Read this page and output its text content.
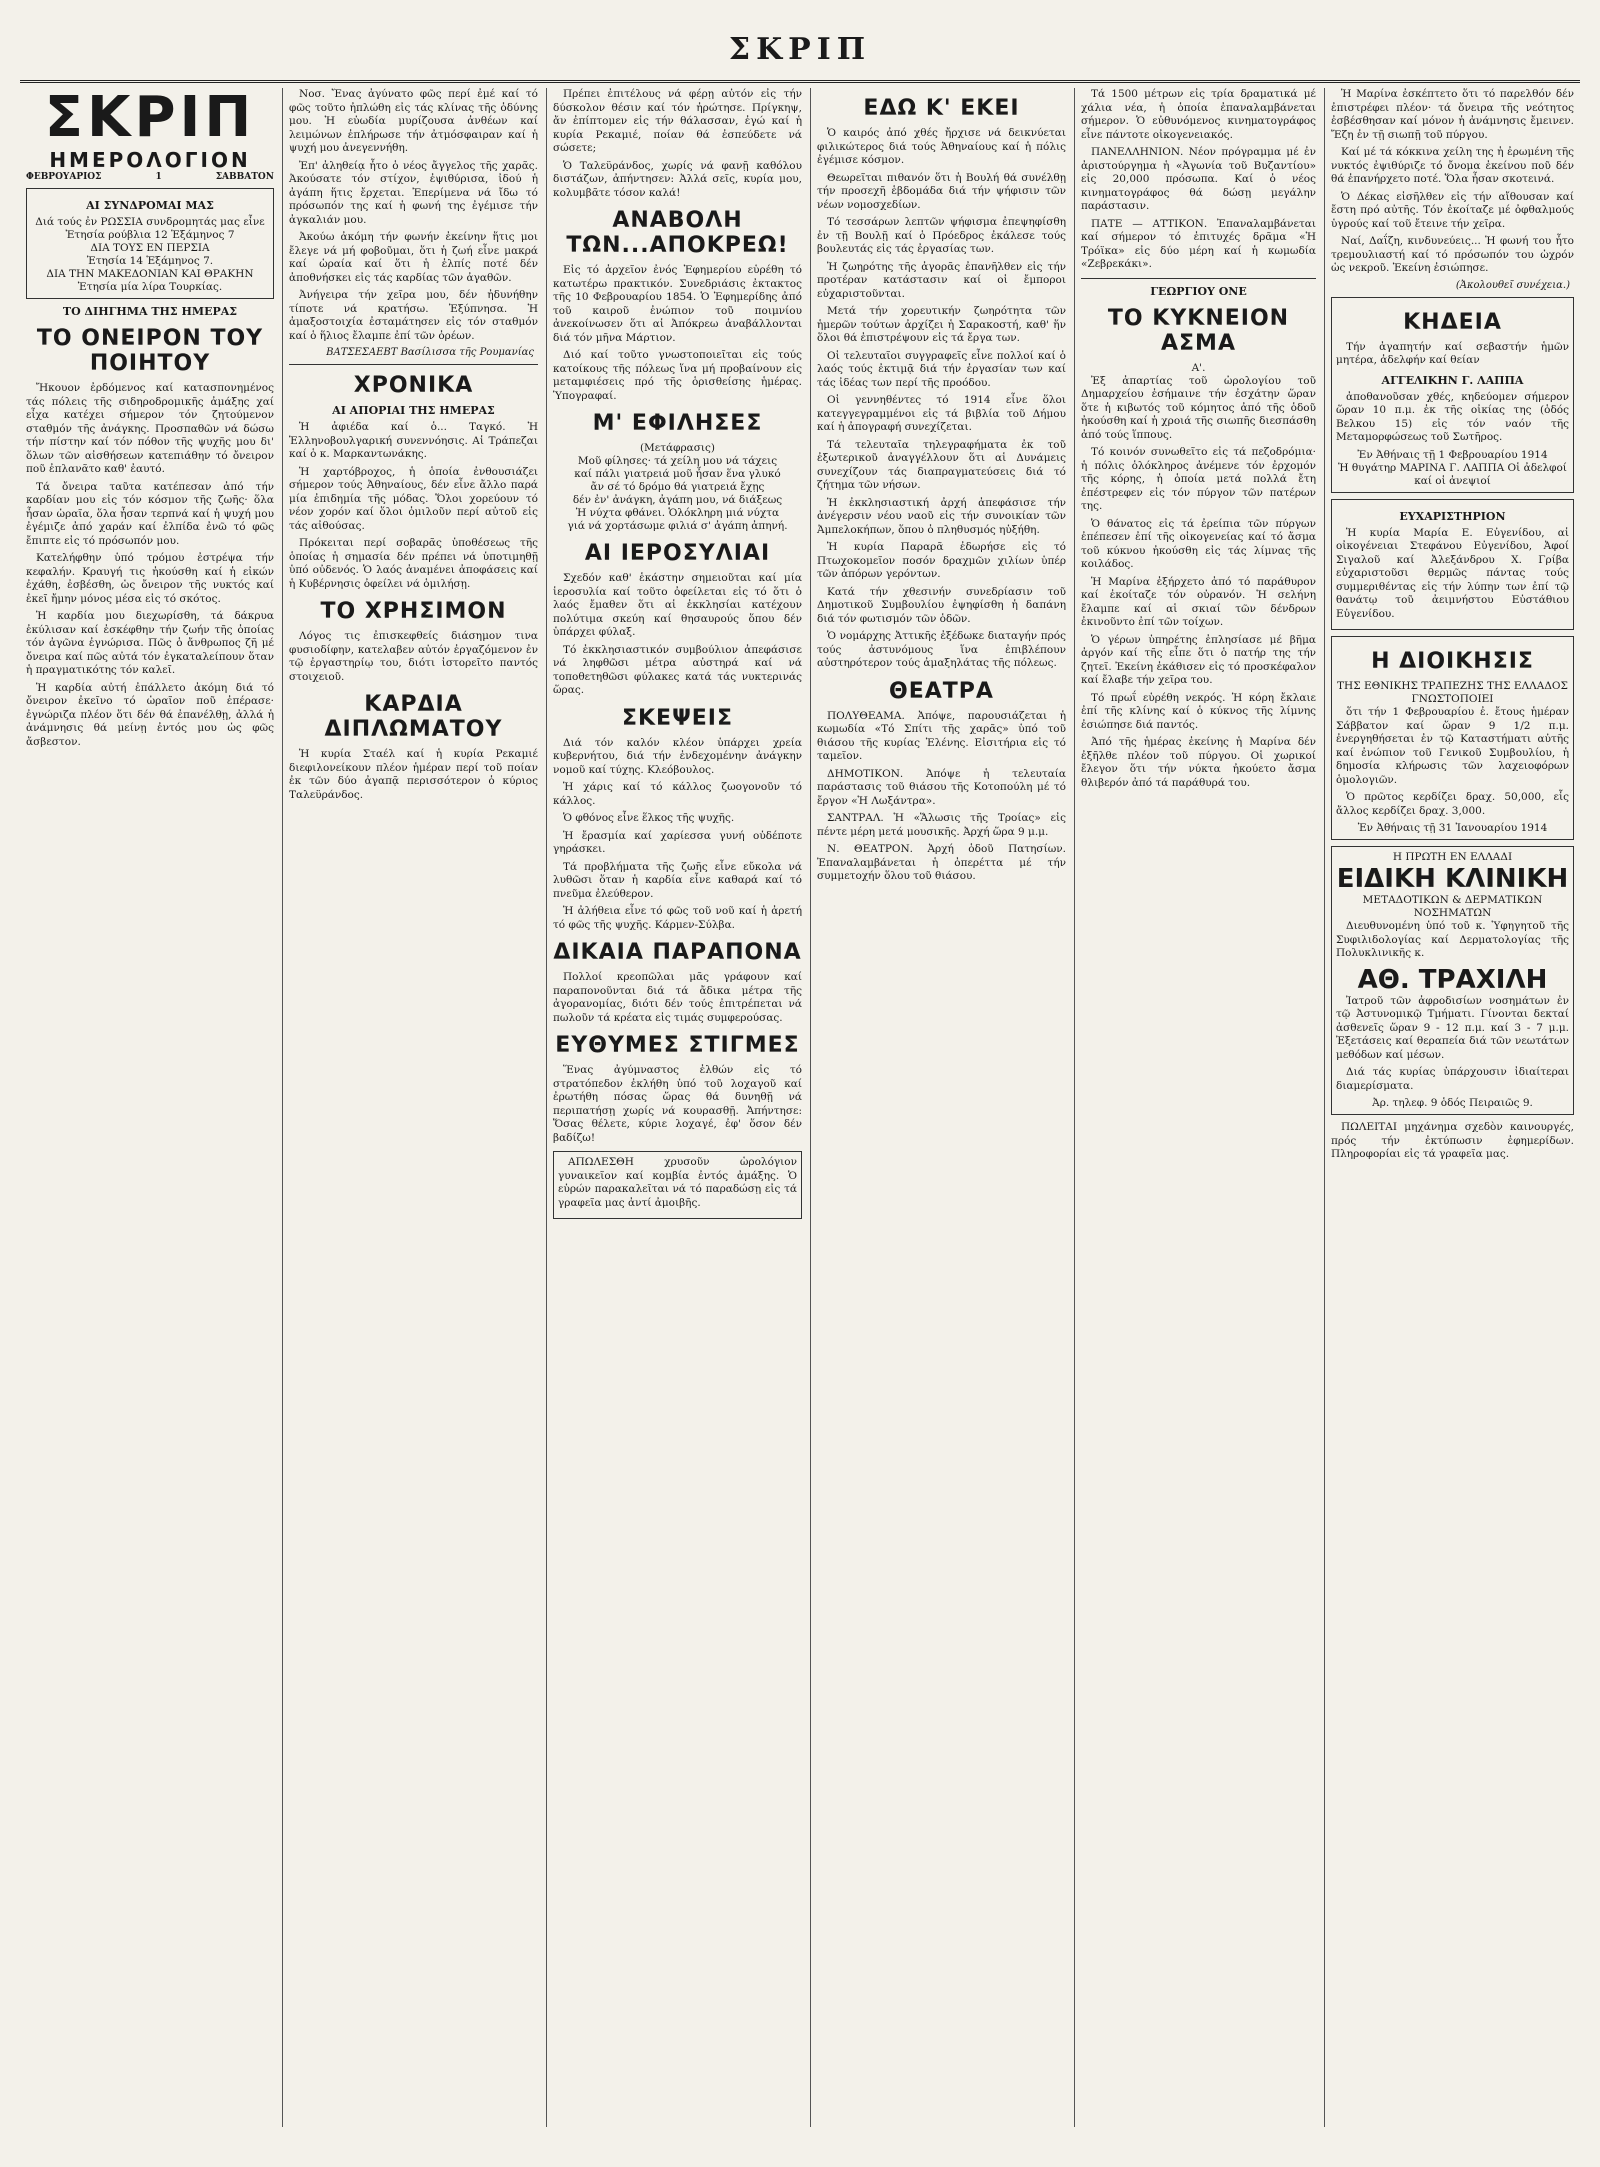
ΣΚΡΙΠ
ΣΚΡΙΠ
ΗΜΕΡΟΛΟΓΙΟΝ
ΦΕΒΡΟΥΑΡΙΟΣ	1	ΣΑΒΒΑΤΟΝ
ΑΙ ΣΥΝΔΡΟΜΑΙ ΜΑΣ
Διά τούς ἐν ΡΩΣΣΙΑ συνδρομητάς μας εἶνε
Ἐτησία ρούβλια 12 Ἑξάμηνος 7
ΔΙΑ ΤΟΥΣ ΕΝ ΠΕΡΣΙΑ
Ἐτησία 14 Ἑξάμηνος 7.
ΔΙΑ ΤΗΝ ΜΑΚΕΔΟΝΙΑΝ ΚΑΙ ΘΡΑΚΗΝ
Ἐτησία μία λίρα Τουρκίας.
ΤΟ ΔΙΗΓΗΜΑ ΤΗΣ ΗΜΕΡΑΣ
ΤΟ ΟΝΕΙΡΟΝ ΤΟΥ ΠΟΙΗΤΟΥ

Ἤκουον ἐρδόμενος καί κατασπονημένος τάς πόλεις τῆς σιδηροδρομικῆς ἀμάξης χαί εἶχα κατέχει σήμερον τόν ζητούμενον σταθμόν τῆς ἀνάγκης. Προσπαθῶν νά δώσω τήν πίστην καί τόν πόθον τῆς ψυχῆς μου δι' ὅλων τῶν αἰσθήσεων κατεπιάθην τό ὄνειρον ποῦ ἐπλανᾶτο καθ' ἐαυτό.

Τά ὄνειρα ταῦτα κατέπεσαν ἀπό τήν καρδίαν μου εἰς τόν κόσμον τῆς ζωῆς· ὅλα ἦσαν ὡραῖα, ὅλα ἦσαν τερπνά καί ἡ ψυχή μου ἐγέμιζε ἀπό χαράν καί ἐλπίδα ἐνῶ τό φῶς ἔπιπτε εἰς τό πρόσωπόν μου.

Κατελήφθην ὑπό τρόμου ἐστρέψα τήν κεφαλήν. Κραυγή τις ἠκούσθη καί ἡ εἰκών ἐχάθη, ἐσβέσθη, ὡς ὄνειρον τῆς νυκτός καί ἐκεῖ ἤμην μόνος μέσα εἰς τό σκότος.

Ἡ καρδία μου διεχωρίσθη, τά δάκρυα ἐκύλισαν καί ἐσκέφθην τήν ζωήν τῆς ὁποίας τόν ἀγῶνα ἐγνώρισα. Πῶς ὁ ἄνθρωπος ζῆ μέ ὄνειρα καί πῶς αὐτά τόν ἐγκαταλείπουν ὅταν ἡ πραγματικότης τόν καλεῖ.

Ἡ καρδία αὐτή ἐπάλλετο ἀκόμη διά τό ὄνειρον ἐκεῖνο τό ὡραῖον ποῦ ἐπέρασε· ἐγνώριζα πλέον ὅτι δέν θά ἐπανέλθῃ, ἀλλά ἡ ἀνάμνησις θά μείνῃ ἐντός μου ὡς φῶς ἄσβεστον.

Νοσ. Ἔνας ἀγύνατο φῶς περί ἐμέ καί τό φῶς τοῦτο ἠπλώθη εἰς τάς κλίνας τῆς ὁδύνης μου. Ἡ εὐωδία μυρίζουσα ἀνθέων καί λειμώνων ἐπλήρωσε τήν ἀτμόσφαιραν καί ἡ ψυχή μου ἀνεγεννήθη.

Ἐπ' ἀληθείᾳ ἦτο ὁ νέος ἄγγελος τῆς χαρᾶς. Ἀκούσατε τόν στίχον, ἐψιθύρισα, ἰδού ἡ ἀγάπη ἥτις ἔρχεται. Ἐπερίμενα νά ἴδω τό πρόσωπόν της καί ἡ φωνή της ἐγέμισε τήν ἀγκαλιάν μου.

Ἀκούω ἀκόμη τήν φωνήν ἐκείνην ἥτις μοι ἔλεγε νά μή φοβοῦμαι, ὅτι ἡ ζωή εἶνε μακρά καί ὡραία καί ὅτι ἡ ἐλπίς ποτέ δέν ἀποθνήσκει εἰς τάς καρδίας τῶν ἀγαθῶν.

Ἀνήγειρα τήν χεῖρα μου, δέν ἠδυνήθην τίποτε νά κρατήσω. Ἐξύπνησα. Ἡ ἀμαξοστοιχία ἐσταμάτησεν εἰς τόν σταθμόν καί ὁ ἥλιος ἔλαμπε ἐπί τῶν ὀρέων.

ΒΑΤΣΕΣΑΕΒΤ Βασίλισσα τῆς Ρουμανίας
ΧΡΟΝΙΚΑ
ΑΙ ΑΠΟΡΙΑΙ ΤΗΣ ΗΜΕΡΑΣ

Ἡ ἀφιέδα καί ὁ... Ταγκό. Ἡ Ἑλληνοβουλγαρική συνεννόησις. Αἱ Τράπεζαι καί ὁ κ. Μαρκαντωνάκης.

Ἡ χαρτόβροχος, ἡ ὁποία ἐνθουσιάζει σήμερον τούς Ἀθηναίους, δέν εἶνε ἄλλο παρά μία ἐπιδημία τῆς μόδας. Ὅλοι χορεύουν τό νέον χορόν καί ὅλοι ὁμιλοῦν περί αὐτοῦ εἰς τάς αἰθούσας.

Πρόκειται περί σοβαρᾶς ὑποθέσεως τῆς ὁποίας ἡ σημασία δέν πρέπει νά ὑποτιμηθῇ ὑπό οὐδενός. Ὁ λαός ἀναμένει ἀποφάσεις καί ἡ Κυβέρνησις ὀφείλει νά ὁμιλήσῃ.

ΤΟ ΧΡΗΣΙΜΟΝ

Λόγος τις ἐπισκεφθείς διάσημον τινα φυσιοδίφην, κατελαβεν αὐτόν ἐργαζόμενον ἐν τῷ ἐργαστηρίῳ του, διότι ἰστορεῖτο παντός στοιχειοῦ.

ΚΑΡΔΙΑ ΔΙΠΛΩΜΑΤΟΥ

Ἡ κυρία Σταέλ καί ἡ κυρία Ρεκαμιέ διεφιλονείκουν πλέον ἡμέραν περί τοῦ ποίαν ἐκ τῶν δύο ἀγαπᾷ περισσότερον ὁ κύριος Ταλεϋράνδος.

Πρέπει ἐπιτέλους νά φέρῃ αὐτόν εἰς τήν δύσκολον θέσιν καί τόν ἠρώτησε. Πρίγκηψ, ἄν ἐπίπτομεν εἰς τήν θάλασσαν, ἐγώ καί ἡ κυρία Ρεκαμιέ, ποίαν θά ἐσπεύδετε νά σώσετε;

Ὁ Ταλεϋράνδος, χωρίς νά φανῇ καθόλου διστάζων, ἀπήντησεν: Ἀλλά σεῖς, κυρία μου, κολυμβᾶτε τόσον καλά!

ΑΝΑΒΟΛΗ ΤΩΝ...ΑΠΟΚΡΕΩ!

Εἰς τό ἀρχεῖον ἐνός Ἐφημερίου εὑρέθη τό κατωτέρω πρακτικόν. Συνεδριάσις ἐκτακτος τῆς 10 Φεβρουαρίου 1854. Ὁ Ἐφημερίδης ἀπό τοῦ καιροῦ ἐνώπιον τοῦ ποιμνίου ἀνεκοίνωσεν ὅτι αἱ Ἀπόκρεω ἀναβάλλονται διά τόν μῆνα Μάρτιον.

Διό καί τοῦτο γνωστοποιεῖται εἰς τούς κατοίκους τῆς πόλεως ἵνα μή προβαίνουν εἰς μεταμφιέσεις πρό τῆς ὁρισθείσης ἡμέρας. Ὑπογραφαί.

Μ' ΕΦΙΛΗΣΕΣ
(Μετάφρασις)
Μοῦ φίλησες· τά χείλη μου νά τάχεις
καί πάλι γιατρειά μοῦ ἦσαν ἕνα γλυκό
ἄν σέ τό δρόμο θά γιατρειά ἔχῃς
δέν ἐν' ἀνάγκη, ἀγάπη μου, νά διάξεως
Ἡ νύχτα φθάνει. Ὁλόκληρη μιά νύχτα
γιά νά χορτάσωμε φιλιά σ' ἀγάπη ἀπηνή.
ΑΙ ΙΕΡΟΣΥΛΙΑΙ

Σχεδόν καθ' ἑκάστην σημειοῦται καί μία ἱεροσυλία καί τοῦτο ὀφείλεται εἰς τό ὅτι ὁ λαός ἔμαθεν ὅτι αἱ ἐκκλησίαι κατέχουν πολύτιμα σκεύη καί θησαυρούς ὅπου δέν ὑπάρχει φύλαξ.

Τό ἐκκλησιαστικόν συμβούλιον ἀπεφάσισε νά ληφθῶσι μέτρα αὐστηρά καί νά τοποθετηθῶσι φύλακες κατά τάς νυκτερινάς ὥρας.

ΣΚΕΨΕΙΣ

Διά τόν καλόν κλέον ὑπάρχει χρεία κυβερνήτου, διά τήν ἐνδεχομένην ἀνάγκην νομοῦ καί τύχης. Κλεόβουλος.

Ἡ χάρις καί τό κάλλος ζωογονοῦν τό κάλλος.

Ὁ φθόνος εἶνε ἕλκος τῆς ψυχῆς.

Ἡ ἔρασμία καί χαρίεσσα γυνή οὐδέποτε γηράσκει.

Τά προβλήματα τῆς ζωῆς εἶνε εὔκολα νά λυθῶσι ὅταν ἡ καρδία εἶνε καθαρά καί τό πνεῦμα ἐλεύθερον.

Ἡ ἀλήθεια εἶνε τό φῶς τοῦ νοῦ καί ἡ ἀρετή τό φῶς τῆς ψυχῆς. Κάρμεν-Σύλβα.

ΔΙΚΑΙΑ ΠΑΡΑΠΟΝΑ

Πολλοί κρεοπῶλαι μᾶς γράφουν καί παραπονοῦνται διά τά ἄδικα μέτρα τῆς ἀγορανομίας, διότι δέν τούς ἐπιτρέπεται νά πωλοῦν τά κρέατα εἰς τιμάς συμφερούσας.

ΕΥΘΥΜΕΣ ΣΤΙΓΜΕΣ

Ἕνας ἀγύμναστος ἐλθών εἰς τό στρατόπεδον ἐκλήθη ὑπό τοῦ λοχαγοῦ καί ἐρωτήθη πόσας ὥρας θά δυνηθῇ νά περιπατήσῃ χωρίς νά κουρασθῇ. Ἀπήντησε: Ὅσας θέλετε, κύριε λοχαγέ, ἐφ' ὅσον δέν βαδίζω!

ΑΠΩΛΕΣΘΗ χρυσοῦν ὡρολόγιον γυναικεῖον καί κομβία ἐντός ἀμάξης. Ὁ εὑρών παρακαλεῖται νά τό παραδώσῃ εἰς τά γραφεῖα μας ἀντί ἀμοιβῆς.

ΕΔΩ Κ' ΕΚΕΙ

Ὁ καιρός ἀπό χθές ἤρχισε νά δεικνύεται φιλικώτερος διά τούς Ἀθηναίους καί ἡ πόλις ἐγέμισε κόσμον.

Θεωρεῖται πιθανόν ὅτι ἡ Βουλή θά συνέλθῃ τήν προσεχῆ ἑβδομάδα διά τήν ψήφισιν τῶν νέων νομοσχεδίων.

Τό τεσσάρων λεπτῶν ψήφισμα ἐπεψηφίσθη ἐν τῇ Βουλῇ καί ὁ Πρόεδρος ἐκάλεσε τούς βουλευτάς εἰς τάς ἐργασίας των.

Ἡ ζωηρότης τῆς ἀγορᾶς ἐπανῆλθεν εἰς τήν προτέραν κατάστασιν καί οἱ ἔμποροι εὐχαριστοῦνται.

Μετά τήν χορευτικήν ζωηρότητα τῶν ἡμερῶν τούτων ἀρχίζει ἡ Σαρακοστή, καθ' ἥν ὅλοι θά ἐπιστρέψουν εἰς τά ἔργα των.

Οἱ τελευταῖοι συγγραφεῖς εἶνε πολλοί καί ὁ λαός τούς ἐκτιμᾷ διά τήν ἐργασίαν των καί τάς ἰδέας των περί τῆς προόδου.

Οἱ γεννηθέντες τό 1914 εἶνε ὅλοι κατεγγεγραμμένοι εἰς τά βιβλία τοῦ Δήμου καί ἡ ἀπογραφή συνεχίζεται.

Τά τελευταῖα τηλεγραφήματα ἐκ τοῦ ἐξωτερικοῦ ἀναγγέλλουν ὅτι αἱ Δυνάμεις συνεχίζουν τάς διαπραγματεύσεις διά τό ζήτημα τῶν νήσων.

Ἡ ἐκκλησιαστική ἀρχή ἀπεφάσισε τήν ἀνέγερσιν νέου ναοῦ εἰς τήν συνοικίαν τῶν Ἀμπελοκήπων, ὅπου ὁ πληθυσμός ηὐξήθη.

Ἡ κυρία Παραρᾶ ἐδωρήσε εἰς τό Πτωχοκομεῖον ποσόν δραχμῶν χιλίων ὑπέρ τῶν ἀπόρων γερόντων.

Κατά τήν χθεσινήν συνεδρίασιν τοῦ Δημοτικοῦ Συμβουλίου ἐψηφίσθη ἡ δαπάνη διά τόν φωτισμόν τῶν ὁδῶν.

Ὁ νομάρχης Ἀττικῆς ἐξέδωκε διαταγήν πρός τούς ἀστυνόμους ἵνα ἐπιβλέπουν αὐστηρότερον τούς ἀμαξηλάτας τῆς πόλεως.

ΘΕΑΤΡΑ

ΠΟΛΥΘΕΑΜΑ. Ἀπόψε, παρουσιάζεται ἡ κωμωδία «Τό Σπίτι τῆς χαρᾶς» ὑπό τοῦ θιάσου τῆς κυρίας Ἐλένης. Εἰσιτήρια εἰς τό ταμεῖον.

ΔΗΜΟΤΙΚΟΝ. Ἀπόψε ἡ τελευταία παράστασις τοῦ θιάσου τῆς Κοτοπούλη μέ τό ἔργον «Ἡ Λωξάντρα».

ΣΑΝΤΡΑΛ. Ἡ «Ἅλωσις τῆς Τροίας» εἰς πέντε μέρη μετά μουσικῆς. Ἀρχή ὥρα 9 μ.μ.

Ν. ΘΕΑΤΡΟΝ. Ἀρχή ὁδοῦ Πατησίων. Ἐπαναλαμβάνεται ἡ ὀπερέττα μέ τήν συμμετοχήν ὅλου τοῦ θιάσου.

Τά 1500 μέτρων εἰς τρία δραματικά μέ χάλια νέα, ἡ ὁποία ἐπαναλαμβάνεται σήμερον. Ὁ εὐθυνόμενος κινηματογράφος εἶνε πάντοτε οἰκογενειακός.

ΠΑΝΕΛΛΗΝΙΟΝ. Νέον πρόγραμμα μέ ἐν ἀριστούργημα ἡ «Ἀγωνία τοῦ Βυζαντίου» εἰς 20,000 πρόσωπα. Καί ὁ νέος κινηματογράφος θά δώσῃ μεγάλην παράστασιν.

ΠΑΤΕ — ΑΤΤΙΚΟΝ. Ἐπαναλαμβάνεται καί σήμερον τό ἐπιτυχές δρᾶμα «Ἡ Τρόϊκα» εἰς δύο μέρη καί ἡ κωμωδία «Ζεβρεκάκι».

ΓΕΩΡΓΙΟΥ ΟΝΕ
ΤΟ ΚΥΚΝΕΙΟΝ ΑΣΜΑ
Α'.

Ἐξ ἀπαρτίας τοῦ ὠρολογίου τοῦ Δημαρχείου ἐσήμαινε τήν ἐσχάτην ὥραν ὅτε ἡ κιβωτός τοῦ κόμητος ἀπό τῆς ὁδοῦ ἠκούσθη καί ἡ χροιά τῆς σιωπῆς διεσπάσθη ἀπό τούς ἵππους.

Τό κοινόν συνωθεῖτο εἰς τά πεζοδρόμια· ἡ πόλις ὁλόκληρος ἀνέμενε τόν ἐρχομόν τῆς κόρης, ἡ ὁποία μετά πολλά ἔτη ἐπέστρεφεν εἰς τόν πύργον τῶν πατέρων της.

Ὁ θάνατος εἰς τά ἐρείπια τῶν πύργων ἐπέπεσεν ἐπί τῆς οἰκογενείας καί τό ἄσμα τοῦ κύκνου ἠκούσθη εἰς τάς λίμνας τῆς κοιλάδος.

Ἡ Μαρίνα ἐξήρχετο ἀπό τό παράθυρον καί ἐκοίταζε τόν οὐρανόν. Ἡ σελήνη ἔλαμπε καί αἱ σκιαί τῶν δένδρων ἐκινοῦντο ἐπί τῶν τοίχων.

Ὁ γέρων ὑπηρέτης ἐπλησίασε μέ βῆμα ἀργόν καί τῆς εἶπε ὅτι ὁ πατήρ της τήν ζητεῖ. Ἐκείνη ἐκάθισεν εἰς τό προσκέφαλον καί ἔλαβε τήν χεῖρα του.

Τό πρωΐ εὑρέθη νεκρός. Ἡ κόρη ἔκλαιε ἐπί τῆς κλίνης καί ὁ κύκνος τῆς λίμνης ἐσιώπησε διά παντός.

Ἀπό τῆς ἡμέρας ἐκείνης ἡ Μαρίνα δέν ἐξῆλθε πλέον τοῦ πύργου. Οἱ χωρικοί ἔλεγον ὅτι τήν νύκτα ἠκούετο ἄσμα θλιβερόν ἀπό τά παράθυρά του.

Ἡ Μαρίνα ἐσκέπτετο ὅτι τό παρελθόν δέν ἐπιστρέφει πλέον· τά ὄνειρα τῆς νεότητος ἐσβέσθησαν καί μόνον ἡ ἀνάμνησις ἔμεινεν. Ἔζη ἐν τῇ σιωπῇ τοῦ πύργου.

Καί μέ τά κόκκινα χείλη της ἡ ἐρωμένη τῆς νυκτός ἐψιθύριζε τό ὄνομα ἐκείνου ποῦ δέν θά ἐπανήρχετο ποτέ. Ὅλα ἦσαν σκοτεινά.

Ὁ Δέκας εἰσῆλθεν εἰς τήν αἴθουσαν καί ἔστη πρό αὐτῆς. Τόν ἐκοίταζε μέ ὀφθαλμούς ὑγρούς καί τοῦ ἔτεινε τήν χεῖρα.

Ναί, Δαΐζη, κινδυνεύεις... Ἡ φωνή του ἦτο τρεμουλιαστή καί τό πρόσωπόν του ὠχρόν ὡς νεκροῦ. Ἐκείνη ἐσιώπησε.

(Ἀκολουθεῖ συνέχεια.)
ΚΗΔΕΙΑ

Τήν ἀγαπητήν καί σεβαστήν ἡμῶν μητέρα, ἀδελφήν καί θείαν

ΑΓΓΕΛΙΚΗΝ Γ. ΛΑΠΠΑ

ἀποθανοῦσαν χθές, κηδεύομεν σήμερον ὥραν 10 π.μ. ἐκ τῆς οἰκίας της (ὁδός Βελκου 15) εἰς τόν ναόν τῆς Μεταμορφώσεως τοῦ Σωτῆρος.

Ἐν Ἀθήναις τῇ 1 Φεβρουαρίου 1914
Ἡ θυγάτηρ ΜΑΡΙΝΑ Γ. ΛΑΠΠΑ Οἱ ἀδελφοί καί οἱ ἀνεψιοί
ΕΥΧΑΡΙΣΤΗΡΙΟΝ

Ἡ κυρία Μαρία Ε. Εὐγενίδου, αἱ οἰκογένειαι Στεφάνου Εὐγενίδου, Ἀφοί Σιγαλοῦ καί Ἀλεξάνδρου Χ. Γρίβα εὐχαριστοῦσι θερμῶς πάντας τούς συμμεριθέντας εἰς τήν λύπην των ἐπί τῷ θανάτῳ τοῦ ἀειμνήστου Εὐστάθιου Εὐγενίδου.

Η ΔΙΟΙΚΗΣΙΣ
ΤΗΣ ΕΘΝΙΚΗΣ ΤΡΑΠΕΖΗΣ ΤΗΣ ΕΛΛΑΔΟΣ
ΓΝΩΣΤΟΠΟΙΕΙ

ὅτι τήν 1 Φεβρουαρίου ἐ. ἔτους ἡμέραν Σάββατον καί ὥραν 9 1/2 π.μ. ἐνεργηθήσεται ἐν τῷ Καταστήματι αὐτῆς καί ἐνώπιον τοῦ Γενικοῦ Συμβουλίου, ἡ δημοσία κλήρωσις τῶν λαχειοφόρων ὁμολογιῶν.

Ὁ πρῶτος κερδίζει δραχ. 50,000, εἷς ἄλλος κερδίζει δραχ. 3,000.

Ἐν Ἀθήναις τῇ 31 Ἰανουαρίου 1914
Η ΠΡΩΤΗ ΕΝ ΕΛΛΑΔΙ
ΕΙΔΙΚΗ ΚΛΙΝΙΚΗ
ΜΕΤΑΔΟΤΙΚΩΝ & ΔΕΡΜΑΤΙΚΩΝ ΝΟΣΗΜΑΤΩΝ

Διευθυνομένη ὑπό τοῦ κ. Ὑφηγητοῦ τῆς Συφιλιδολογίας καί Δερματολογίας τῆς Πολυκλινικῆς κ.

ΑΘ. ΤΡΑΧΙΛΗ

Ἰατροῦ τῶν ἀφροδισίων νοσημάτων ἐν τῷ Ἀστυνομικῷ Τμήματι. Γίνονται δεκταί ἀσθενεῖς ὥραν 9 - 12 π.μ. καί 3 - 7 μ.μ. Ἐξετάσεις καί θεραπεία διά τῶν νεωτάτων μεθόδων καί μέσων.

Διά τάς κυρίας ὑπάρχουσιν ἰδιαίτεραι διαμερίσματα.

Ἀρ. τηλεφ. 9 ὁδός Πειραιῶς 9.

ΠΩΛΕΙΤΑΙ μηχάνημα σχεδὸν καινουργές, πρός τήν ἐκτύπωσιν ἐφημερίδων. Πληροφορίαι εἰς τά γραφεῖα μας.
